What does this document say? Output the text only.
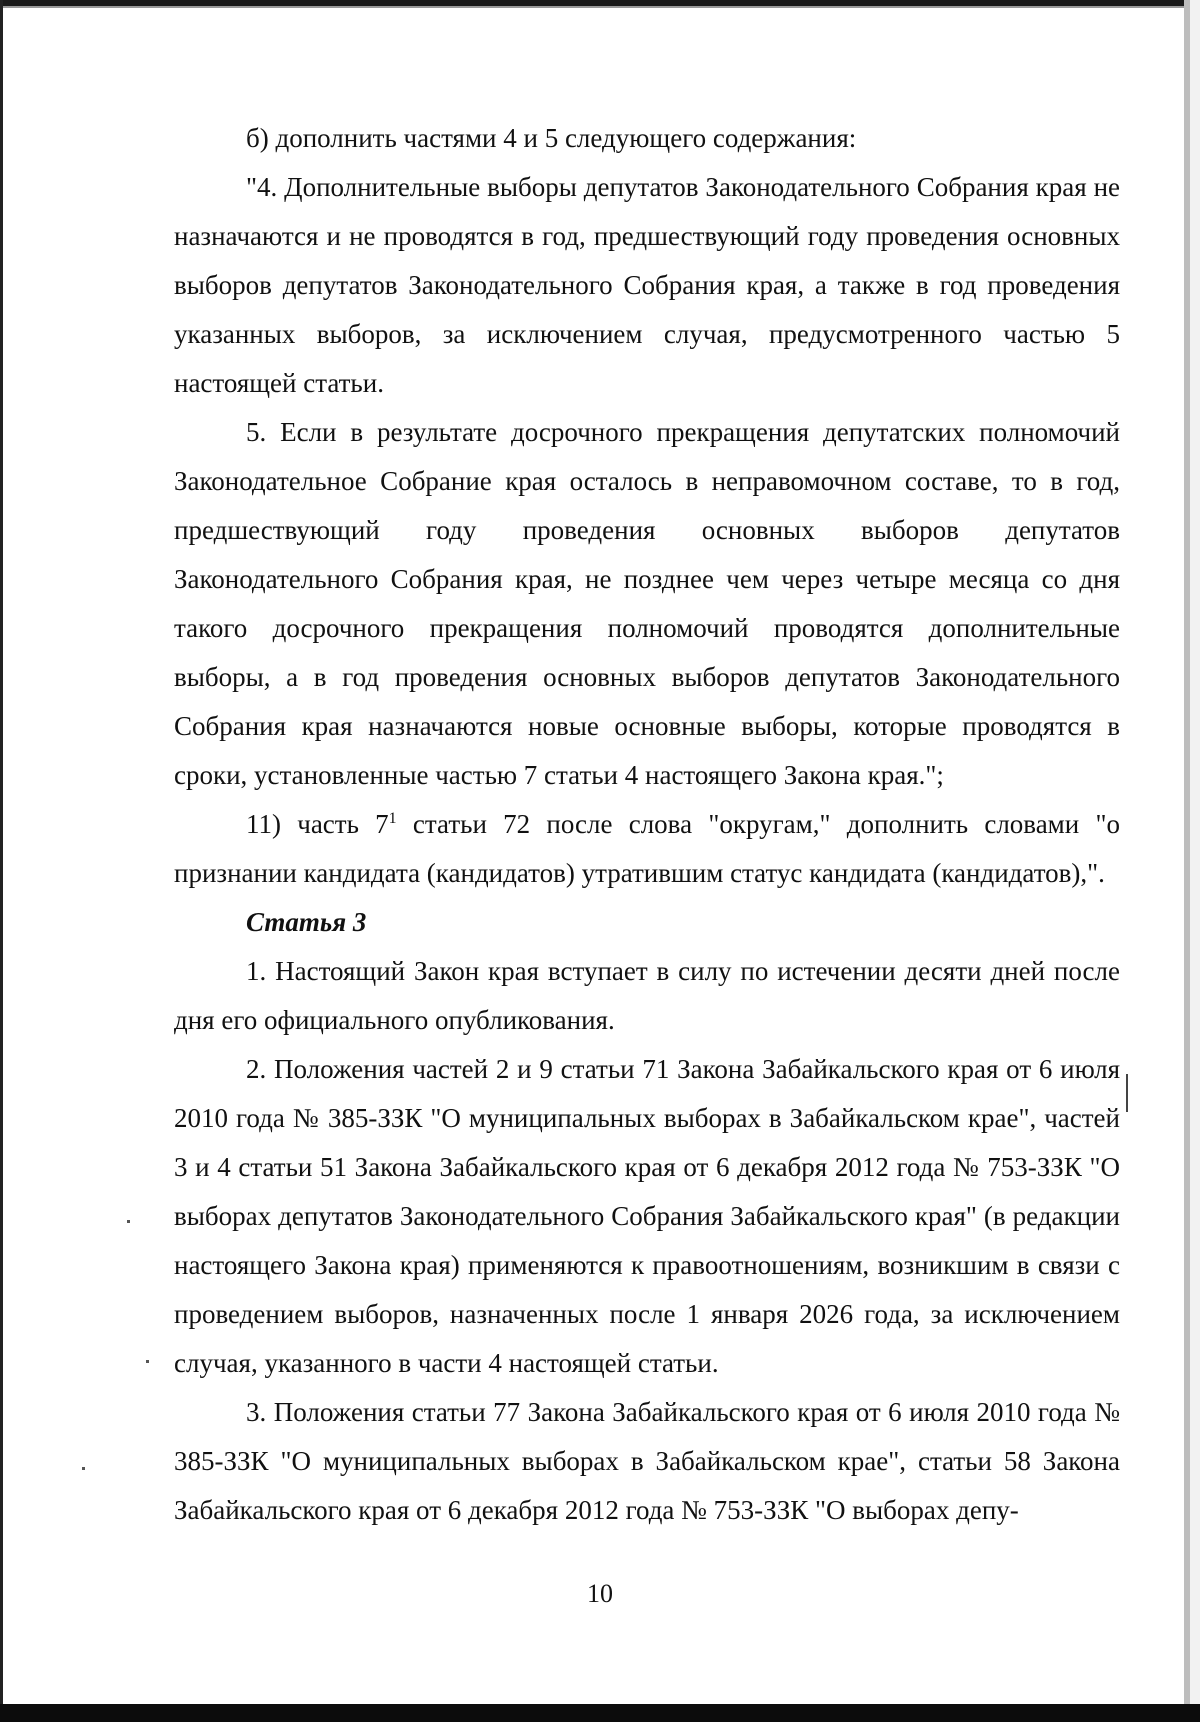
б) дополнить частями 4 и 5 следующего содержания:

"4. Дополнительные выборы депутатов Законодательного Собрания края не назначаются и не проводятся в год, предшествующий году проведения основных выборов депутатов Законодательного Собрания края, а также в год проведения указанных выборов, за исключением случая, предусмотренного частью 5 настоящей статьи.

5. Если в результате досрочного прекращения депутатских полномочий Законодательное Собрание края осталось в неправомочном составе, то в год, предшествующий году проведения основных выборов депутатов Законодательного Собрания края, не позднее чем через четыре месяца со дня такого досрочного прекращения полномочий проводятся дополнительные выборы, а в год проведения основных выборов депутатов Законодательного Собрания края назначаются новые основные выборы, которые проводятся в сроки, установленные частью 7 статьи 4 настоящего Закона края.";

11) часть $7^1$ статьи 72 после слова "округам," дополнить словами "о признании кандидата (кандидатов) утратившим статус кандидата (кандидатов),".

Статья 3

1. Настоящий Закон края вступает в силу по истечении десяти дней после дня его официального опубликования.

2. Положения частей 2 и 9 статьи 71 Закона Забайкальского края от 6 июля 2010 года № 385-ЗЗК "О муниципальных выборах в Забайкальском крае", частей 3 и 4 статьи 51 Закона Забайкальского края от 6 декабря 2012 года № 753-ЗЗК "О выборах депутатов Законодательного Собрания Забайкальского края" (в редакции настоящего Закона края) применяются к правоотношениям, возникшим в связи с проведением выборов, назначенных после 1 января 2026 года, за исключением случая, указанного в части 4 настоящей статьи.

3. Положения статьи 77 Закона Забайкальского края от 6 июля 2010 года № 385-ЗЗК "О муниципальных выборах в Забайкальском крае", статьи 58 Закона Забайкальского края от 6 декабря 2012 года № 753-ЗЗК "О выборах депу-

10
